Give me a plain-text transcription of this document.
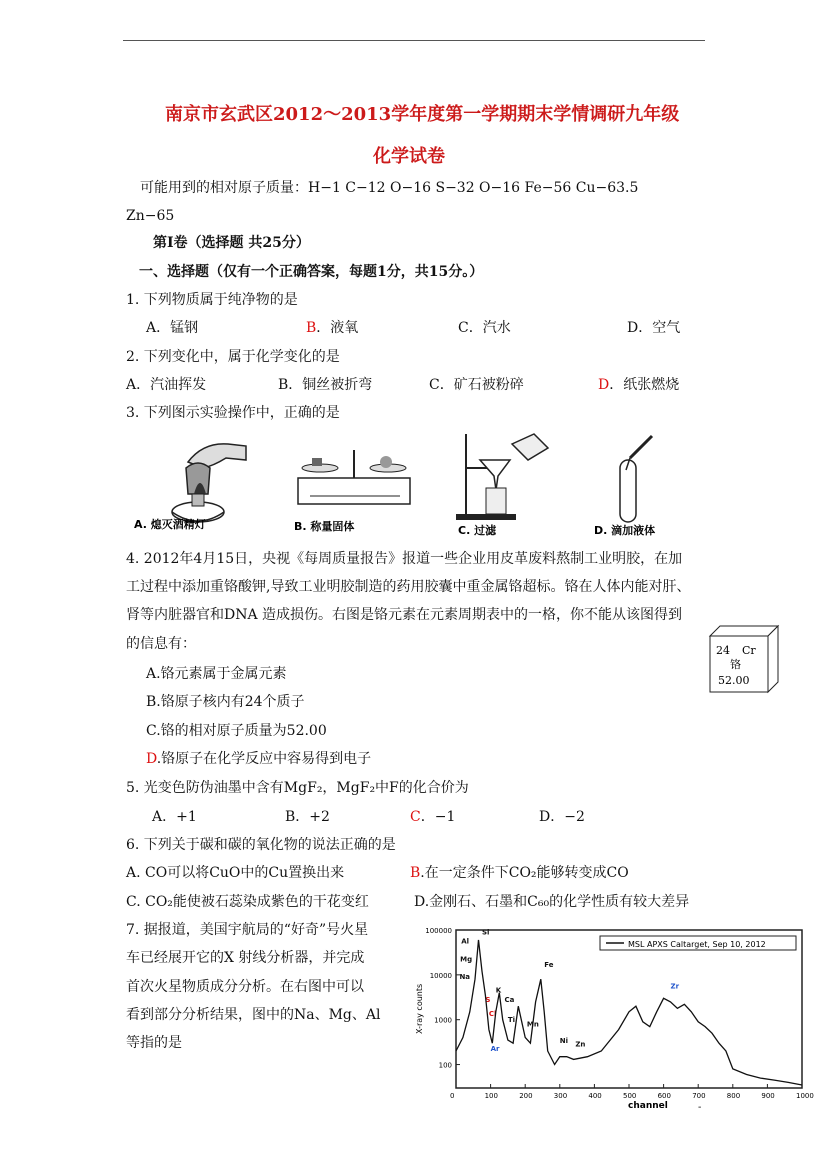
南京市玄武区2012～2013学年度第一学期期末学情调研九年级
化学试卷
可能用到的相对原子质量：H−1 C−12 O−16 S−32 O−16 Fe−56 Cu−63.5
Zn−65
第Ⅰ卷（选择题 共25分）
一、选择题（仅有一个正确答案，每题1分，共15分。）
1. 下列物质属于纯净物的是
A．锰钢	B．液氧	C．汽水	D．空气
2. 下列变化中，属于化学变化的是
A．汽油挥发	B．铜丝被折弯	C．矿石被粉碎	D．纸张燃烧
3. 下列图示实验操作中，正确的是
A. 熄灭酒精灯	B. 称量固体	C. 过滤	D. 滴加液体
4. 2012年4月15日，央视《每周质量报告》报道一些企业用皮革废料熬制工业明胶，在加
工过程中添加重铬酸钾,导致工业明胶制造的药用胶囊中重金属铬超标。铬在人体内能对肝、
肾等内脏器官和DNA 造成损伤。右图是铬元素在元素周期表中的一格，你不能从该图得到
的信息有：
A.铬元素属于金属元素
B.铬原子核内有24个质子
C.铬的相对原子质量为52.00
D.铬原子在化学反应中容易得到电子
24 Cr
铬
52.00
5. 光变色防伪油墨中含有MgF₂，MgF₂中F的化合价为
A．+1	B．+2	C．−1	D．−2
6. 下列关于碳和碳的氧化物的说法正确的是
A. CO可以将CuO中的Cu置换出来	B.在一定条件下CO₂能够转变成CO
C. CO₂能使被石蕊染成紫色的干花变红	D.金刚石、石墨和C₆₀的化学性质有较大差异
7. 据报道，美国宇航局的“好奇”号火星
车已经展开它的X 射线分析器，并完成
首次火星物质成分分析。在右图中可以
看到部分分析结果，图中的Na、Mg、Al
等指的是
MSL APXS Caltarget, Sep 10, 2012
channel
X-ray counts
0	100	200	300	400	500	600	700	800	900	1000
100
1000
10000
100000
Al
Mg
Na
Si
S
Cl
Ar
K
Ca
Ti
Mn
Fe
Ni Zn
Zr
-
